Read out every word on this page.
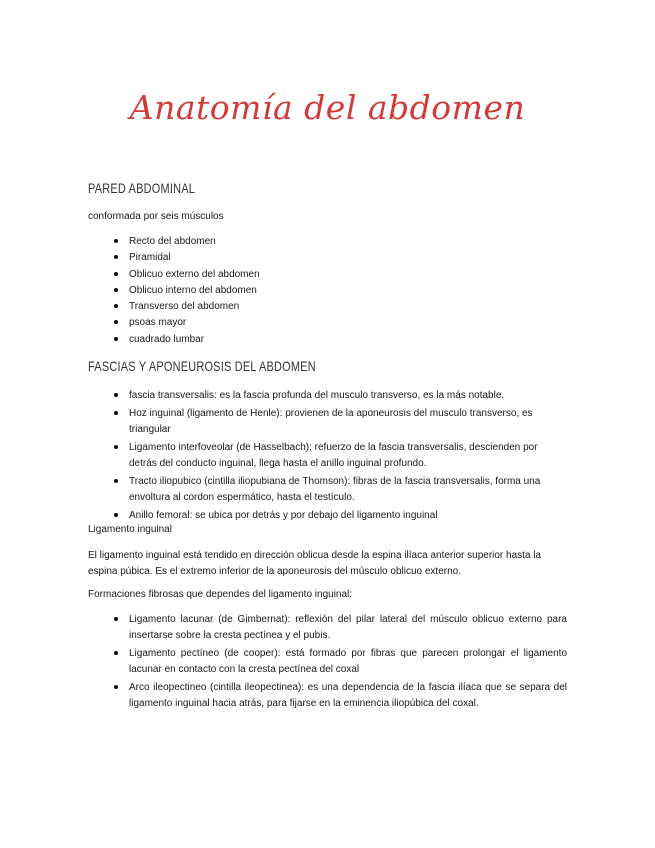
Anatomía del abdomen
PARED ABDOMINAL
conformada por seis músculos
Recto del abdomen
Piramidal
Oblicuo externo del abdomen
Oblicuo interno del abdomen
Transverso del abdomen
psoas mayor
cuadrado lumbar
FASCIAS Y APONEUROSIS DEL ABDOMEN
fascia transversalis: es la fascia profunda del musculo transverso, es la más notable.
Hoz inguinal (ligamento de Henle): provienen de la aponeurosis del musculo transverso, es triangular
Ligamento interfoveolar (de Hasselbach): refuerzo de la fascia transversalis, descienden por detrás del conducto inguinal, llega hasta el anillo inguinal profundo.
Tracto iliopubico (cintilla iliopubiana de Thomson): fibras de la fascia transversalis, forma una envoltura al cordon espermático, hasta el testículo.
Anillo femoral: se ubica por detrás y por debajo del ligamento inguinal
Ligamento inguinal
El ligamento inguinal está tendido en dirección oblicua desde la espina ilíaca anterior superior hasta la espina púbica. Es el extremo inferior de la aponeurosis del músculo oblicuo externo.
Formaciones fibrosas que dependes del ligamento inguinal:
Ligamento lacunar (de Gimbernat): reflexión del pilar lateral del músculo oblicuo externo para insertarse sobre la cresta pectínea y el pubis.
Ligamento pectíneo (de cooper): está formado por fibras que parecen prolongar el ligamento lacunar en contacto con la cresta pectínea del coxal
Arco ileopectineo (cintilla ileopectinea): es una dependencia de la fascia ilíaca que se separa del ligamento inguinal hacia atrás, para fijarse en la eminencia iliopúbica del coxal.
